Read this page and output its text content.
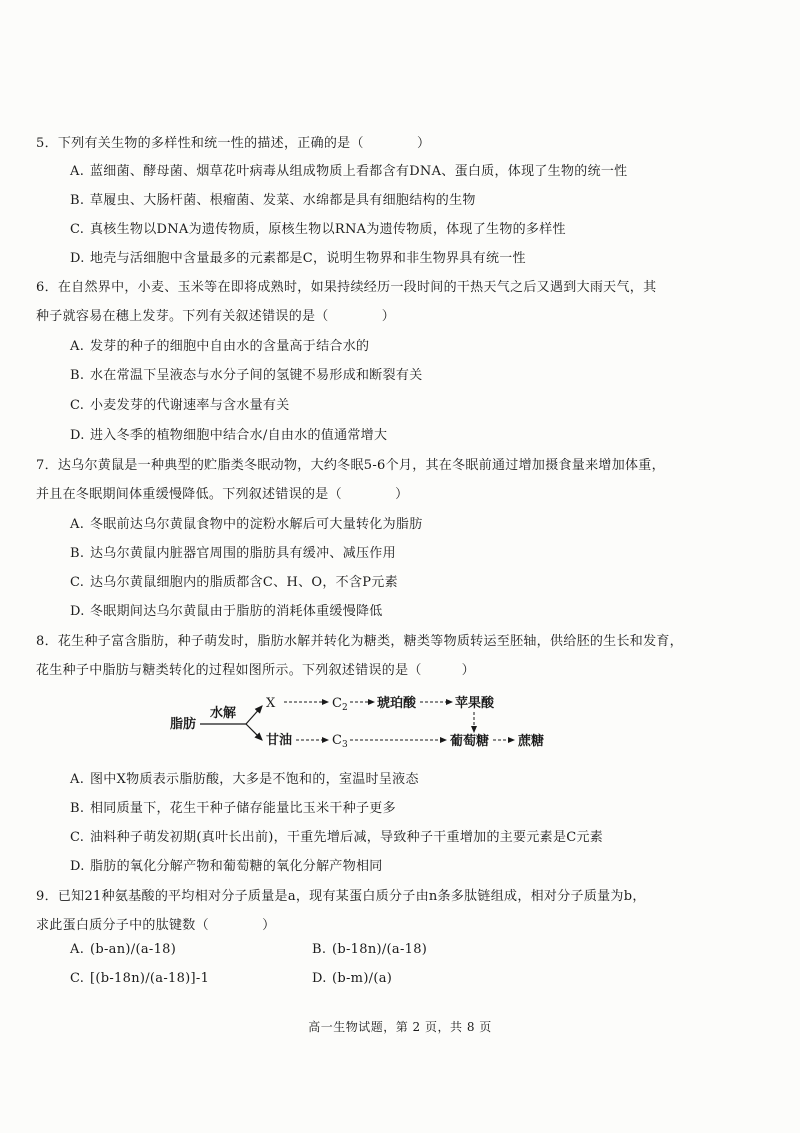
5．下列有关生物的多样性和统一性的描述，正确的是（　　　　）
A. 蓝细菌、酵母菌、烟草花叶病毒从组成物质上看都含有DNA、蛋白质，体现了生物的统一性
B. 草履虫、大肠杆菌、根瘤菌、发菜、水绵都是具有细胞结构的生物
C. 真核生物以DNA为遗传物质，原核生物以RNA为遗传物质，体现了生物的多样性
D. 地壳与活细胞中含量最多的元素都是C，说明生物界和非生物界具有统一性
6．在自然界中，小麦、玉米等在即将成熟时，如果持续经历一段时间的干热天气之后又遇到大雨天气，其
种子就容易在穗上发芽。下列有关叙述错误的是（　　　　）
A. 发芽的种子的细胞中自由水的含量高于结合水的
B. 水在常温下呈液态与水分子间的氢键不易形成和断裂有关
C. 小麦发芽的代谢速率与含水量有关
D. 进入冬季的植物细胞中结合水/自由水的值通常增大
7．达乌尔黄鼠是一种典型的贮脂类冬眠动物，大约冬眠5-6个月，其在冬眠前通过增加摄食量来增加体重，
并且在冬眠期间体重缓慢降低。下列叙述错误的是（　　　　）
A. 冬眠前达乌尔黄鼠食物中的淀粉水解后可大量转化为脂肪
B. 达乌尔黄鼠内脏器官周围的脂肪具有缓冲、减压作用
C. 达乌尔黄鼠细胞内的脂质都含C、H、O，不含P元素
D. 冬眠期间达乌尔黄鼠由于脂肪的消耗体重缓慢降低
8．花生种子富含脂肪，种子萌发时，脂肪水解并转化为糖类，糖类等物质转运至胚轴，供给胚的生长和发育，
花生种子中脂肪与糖类转化的过程如图所示。下列叙述错误的是（　　　）
脂肪
水解
X	$C_2$ 琥珀酸	苹果酸
甘油	$C_3$	葡萄糖 蔗糖
A. 图中X物质表示脂肪酸，大多是不饱和的，室温时呈液态
B. 相同质量下，花生干种子储存能量比玉米干种子更多
C. 油料种子萌发初期(真叶长出前)，干重先增后减，导致种子干重增加的主要元素是C元素
D. 脂肪的氧化分解产物和葡萄糖的氧化分解产物相同
9．已知21种氨基酸的平均相对分子质量是a，现有某蛋白质分子由n条多肽链组成，相对分子质量为b，
求此蛋白质分子中的肽键数（　　　　）
A. (b-an)/(a-18)	B. (b-18n)/(a-18)
C. [(b-18n)/(a-18)]-1	D. (b-m)/(a)
高一生物试题，第 2 页，共 8 页
